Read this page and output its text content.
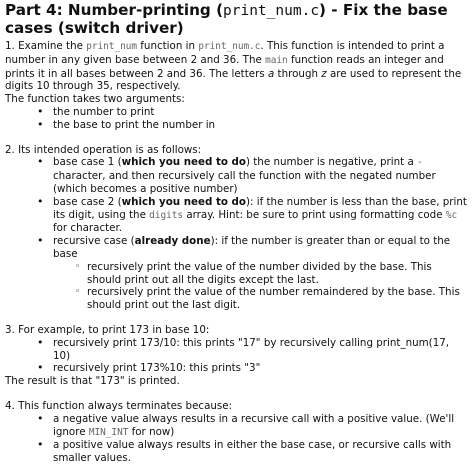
Part 4: Number-printing (print_num.c) - Fix the base cases (switch driver)

1. Examine the print_num function in print_num.c. This function is intended to print a number in any given base between 2 and 36. The main function reads an integer and prints it in all bases between 2 and 36. The letters a through z are used to represent the digits 10 through 35, respectively.

The function takes two arguments:

• the number to print
• the base to print the number in

2. Its intended operation is as follows:

• base case 1 (which you need to do) the number is negative, print a - character, and then recursively call the function with the negated number (which becomes a positive number)
• base case 2 (which you need to do): if the number is less than the base, print its digit, using the digits array. Hint: be sure to print using formatting code %c for character.
• recursive case (already done): if the number is greater than or equal to the base
◦ recursively print the value of the number divided by the base. This should print out all the digits except the last.
◦ recursively print the value of the number remaindered by the base. This should print out the last digit.

3. For example, to print 173 in base 10:

• recursively print 173/10: this prints "17" by recursively calling print_num(17, 10)
• recursively print 173%10: this prints "3"

The result is that "173" is printed.

4. This function always terminates because:

• a negative value always results in a recursive call with a positive value. (We'll ignore MIN_INT for now)
• a positive value always results in either the base case, or recursive calls with smaller values.
